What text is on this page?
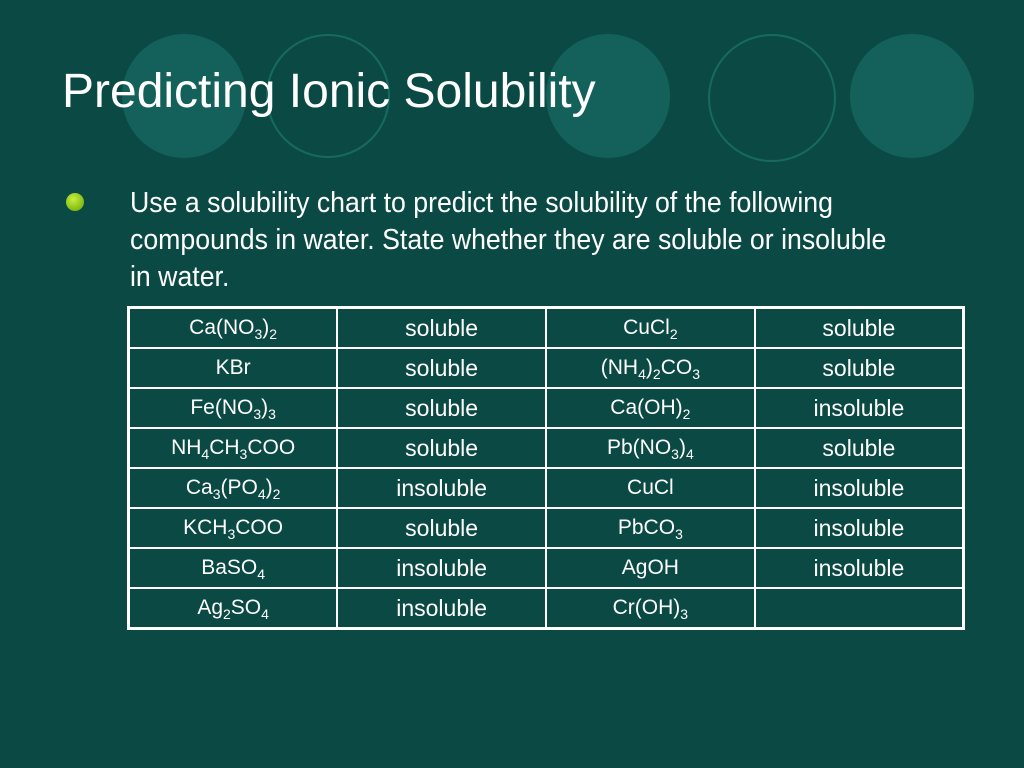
Predicting Ionic Solubility
Use a solubility chart to predict the solubility of the following compounds in water. State whether they are soluble or insoluble in water.
$Ca(NO_3)_2$	soluble	CuCl$_2$	soluble
KBr	soluble	$(NH_4)_2CO_3$	soluble
$Fe(NO_3)_3$	soluble	$Ca(OH)_2$	insoluble
$NH_4CH_3COO$	soluble	$Pb(NO_3)_4$	soluble
$Ca_3(PO_4)_2$	insoluble	CuCl	insoluble
$KCH_3COO$	soluble	PbCO$_3$	insoluble
BaSO$_4$	insoluble	AgOH	insoluble
$Ag_2SO_4$	insoluble	$Cr(OH)_3$	
